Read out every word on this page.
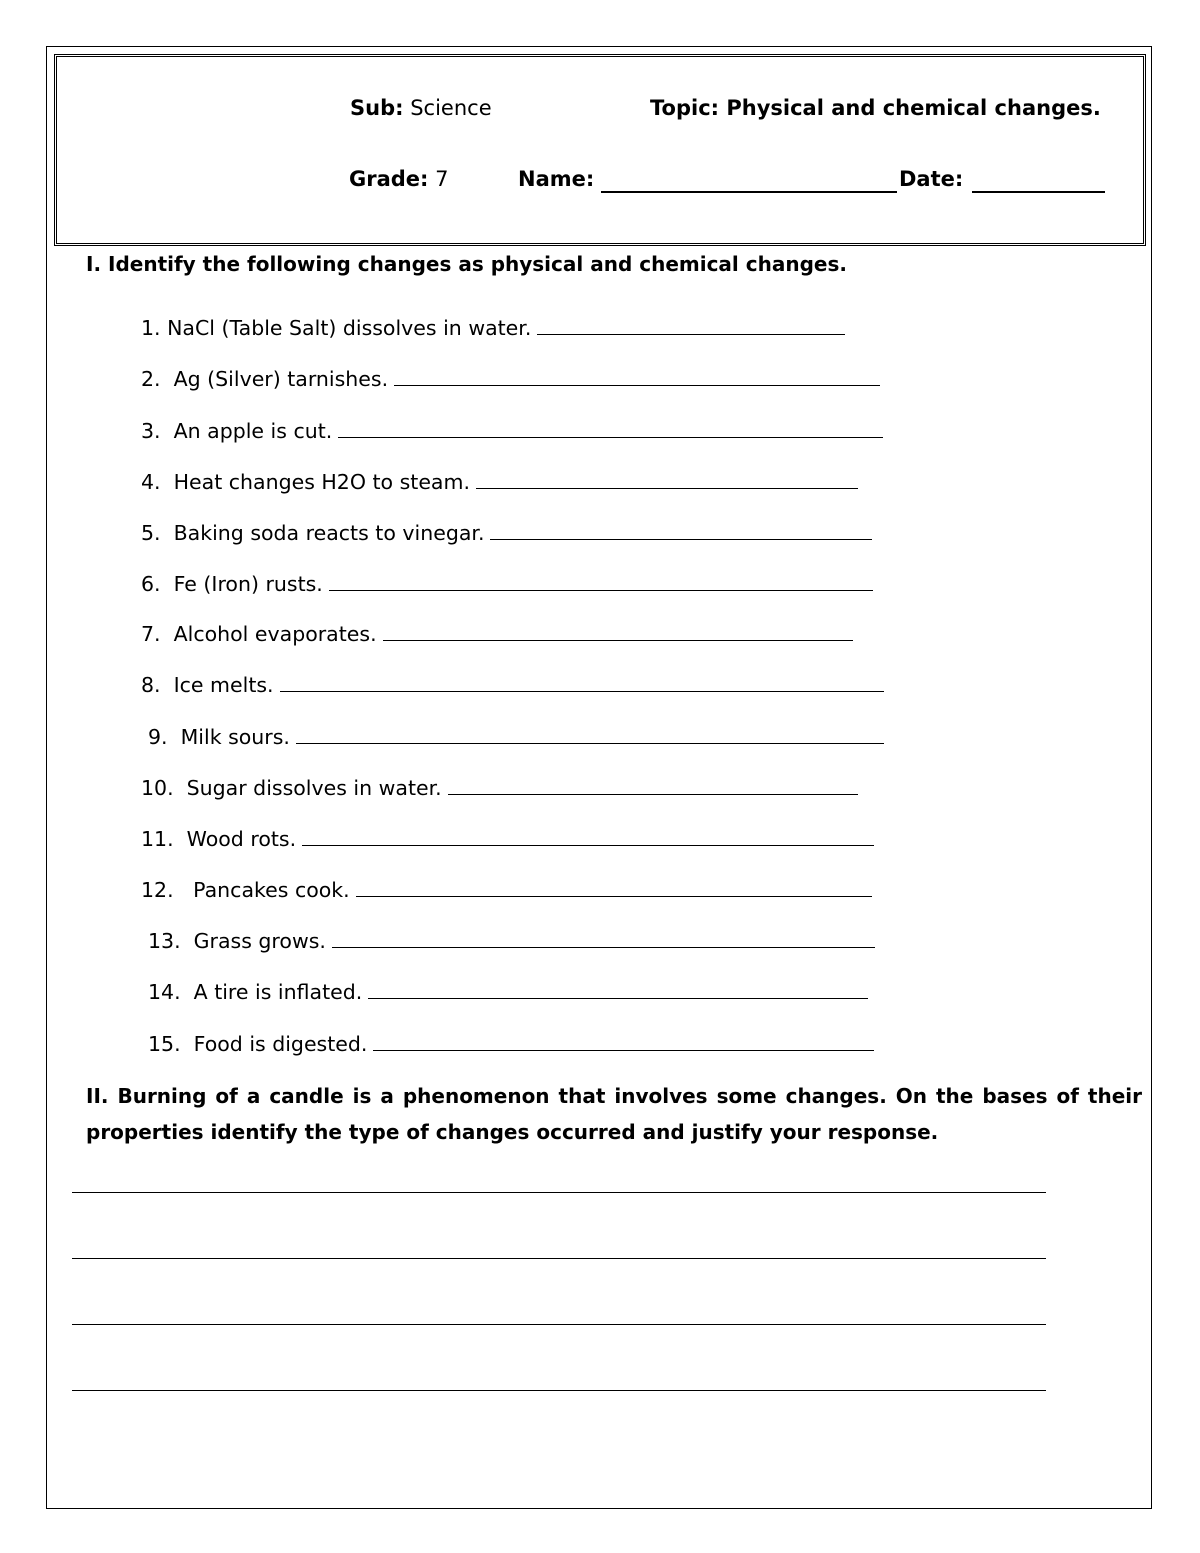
Sub: Science	Topic: Physical and chemical changes.
Grade: 7	Name:	Date:
I. Identify the following changes as physical and chemical changes.
1. NaCl (Table Salt) dissolves in water.
2. Ag (Silver) tarnishes.
3. An apple is cut.
4. Heat changes H2O to steam.
5. Baking soda reacts to vinegar.
6. Fe (Iron) rusts.
7. Alcohol evaporates.
8. Ice melts.
9. Milk sours.
10. Sugar dissolves in water.
11. Wood rots.
12. Pancakes cook.
13. Grass grows.
14. A tire is inflated.
15. Food is digested.
II. Burning of a candle is a phenomenon that involves some changes. On the bases of their properties identify the type of changes occurred and justify your response.
